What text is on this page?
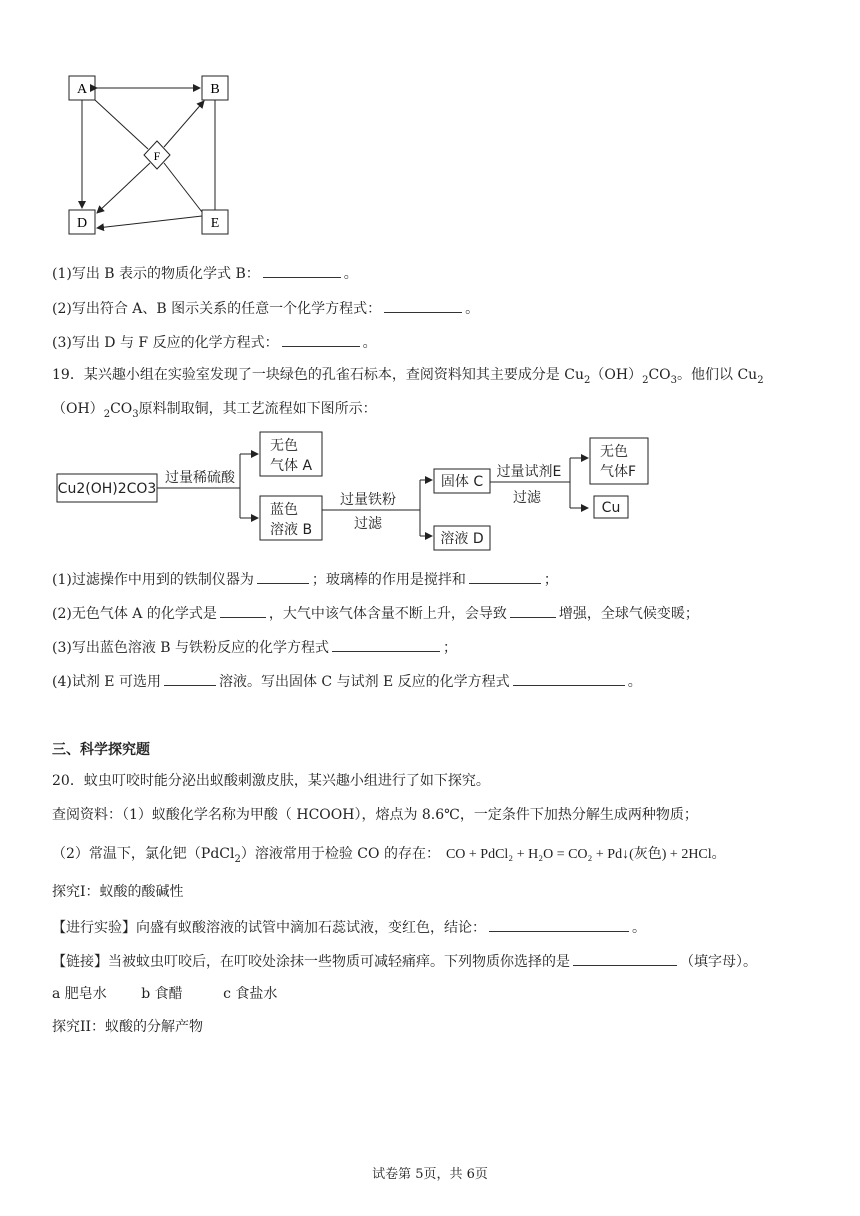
A	B
D	E
F
(1)写出 B 表示的物质化学式 B：	。
(2)写出符合 A、B 图示关系的任意一个化学方程式：	。
(3)写出 D 与 F 反应的化学方程式：	。
19．某兴趣小组在实验室发现了一块绿色的孔雀石标本，查阅资料知其主要成分是 $Cu_2(OH)_2CO_3$。他们以 $Cu_2$
$(OH)_2CO_3$原料制取铜，其工艺流程如下图所示：
Cu2(OH)2CO3
过量稀硫酸
无色
气体 A
蓝色
溶液 B
过量铁粉
过滤
固体 C
溶液 D
过量试剂E
过滤
无色
气体F
Cu
(1)过滤操作中用到的铁制仪器为	；玻璃棒的作用是搅拌和	；
(2)无色气体 A 的化学式是	，大气中该气体含量不断上升，会导致	增强，全球气候变暖；
(3)写出蓝色溶液 B 与铁粉反应的化学方程式	；
(4)试剂 E 可选用	溶液。写出固体 C 与试剂 E 反应的化学方程式	。
三、科学探究题
20．蚊虫叮咬时能分泌出蚁酸刺激皮肤，某兴趣小组进行了如下探究。
查阅资料：（1）蚁酸化学名称为甲酸（ HCOOH），熔点为 8.6℃，一定条件下加热分解生成两种物质；
（2）常温下，氯化钯（PdCl$_2$）溶液常用于检验 CO 的存在： CO + PdCl₂ + H₂O = CO₂ + Pd↓(灰色) + 2HCl。
探究I：蚁酸的酸碱性
【进行实验】向盛有蚁酸溶液的试管中滴加石蕊试液，变红色，结论：	。
【链接】当被蚊虫叮咬后，在叮咬处涂抹一些物质可减轻痛痒。下列物质你选择的是	（填字母）。
a 肥皂水 b 食醋	c 食盐水
探究II：蚁酸的分解产物
试卷第 5页，共 6页
